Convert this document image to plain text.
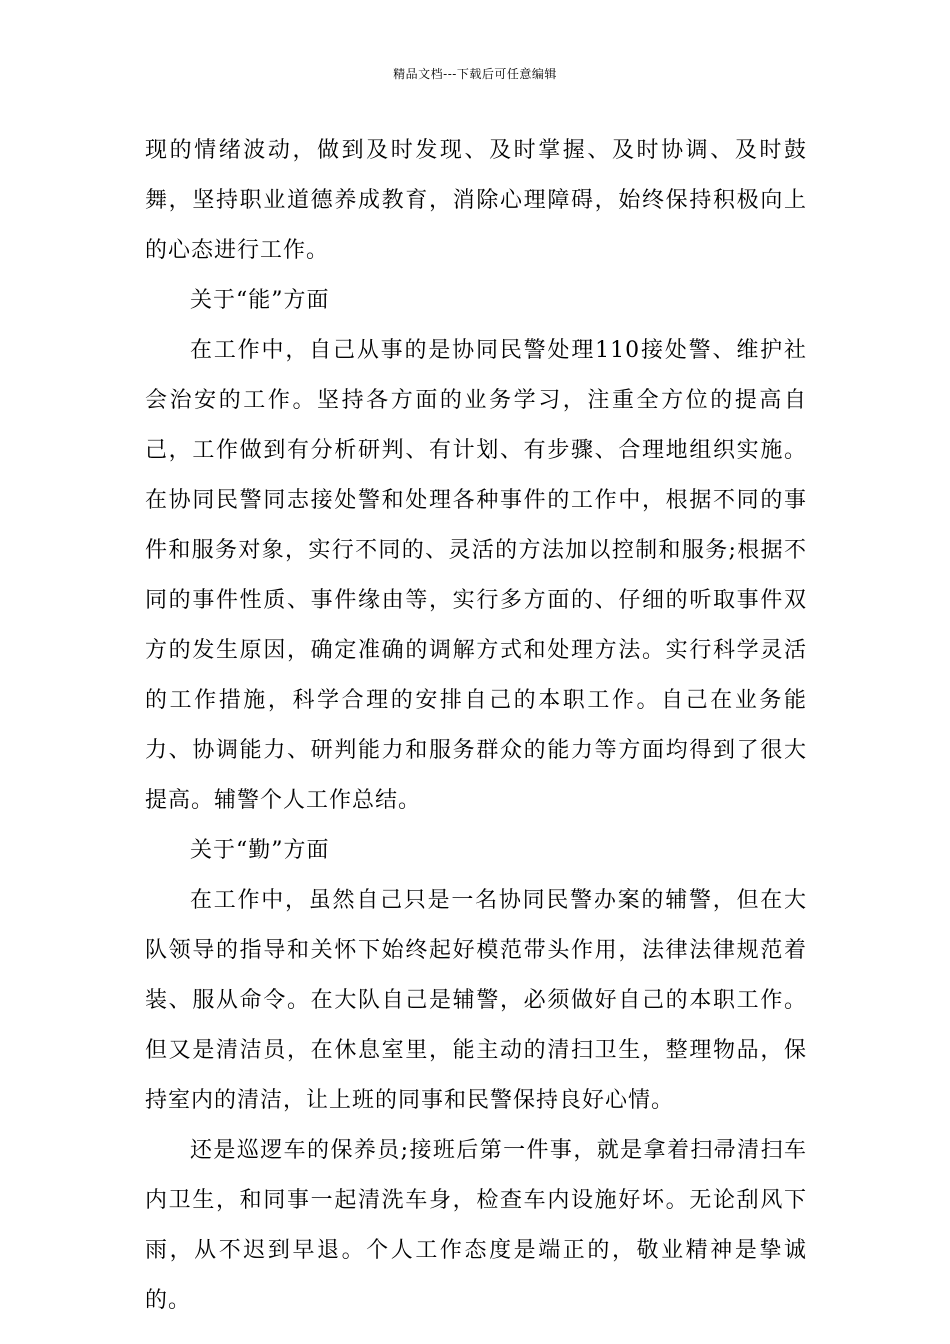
精品文档---下载后可任意编辑

现的情绪波动，做到及时发现、及时掌握、及时协调、及时鼓舞，坚持职业道德养成教育，消除心理障碍，始终保持积极向上的心态进行工作。

关于“能”方面

在工作中，自己从事的是协同民警处理110接处警、维护社会治安的工作。坚持各方面的业务学习，注重全方位的提高自己，工作做到有分析研判、有计划、有步骤、合理地组织实施。在协同民警同志接处警和处理各种事件的工作中，根据不同的事件和服务对象，实行不同的、灵活的方法加以控制和服务;根据不同的事件性质、事件缘由等，实行多方面的、仔细的听取事件双方的发生原因，确定准确的调解方式和处理方法。实行科学灵活的工作措施，科学合理的安排自己的本职工作。自己在业务能力、协调能力、研判能力和服务群众的能力等方面均得到了很大提高。辅警个人工作总结。

关于“勤”方面

在工作中，虽然自己只是一名协同民警办案的辅警，但在大队领导的指导和关怀下始终起好模范带头作用，法律法律规范着装、服从命令。在大队自己是辅警，必须做好自己的本职工作。但又是清洁员，在休息室里，能主动的清扫卫生，整理物品，保持室内的清洁，让上班的同事和民警保持良好心情。

还是巡逻车的保养员;接班后第一件事，就是拿着扫帚清扫车内卫生，和同事一起清洗车身，检查车内设施好坏。无论刮风下雨，从不迟到早退。个人工作态度是端正的，敬业精神是挚诚的。
